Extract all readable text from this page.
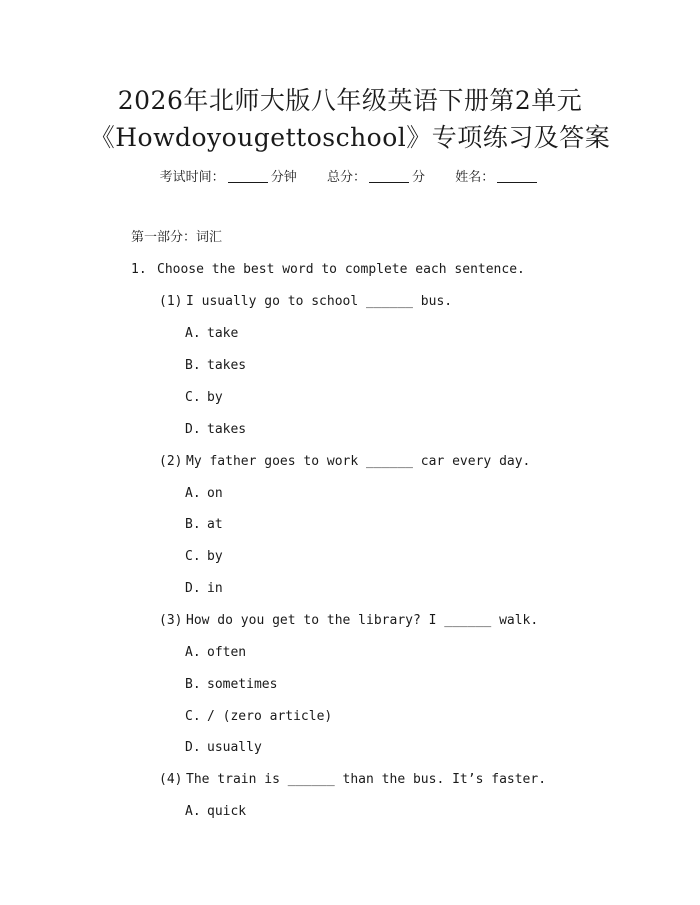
2026年北师大版八年级英语下册第2单元
《Howdoyougettoschool》专项练习及答案
考试时间：	分钟 总分：	分 姓名：
第一部分：词汇
1. Choose the best word to complete each sentence.
(1) I usually go to school ______ bus.
A. take
B. takes
C. by
D. takes
(2) My father goes to work ______ car every day.
A. on
B. at
C. by
D. in
(3) How do you get to the library? I ______ walk.
A. often
B. sometimes
C. / (zero article)
D. usually
(4) The train is ______ than the bus. It’s faster.
A. quick
